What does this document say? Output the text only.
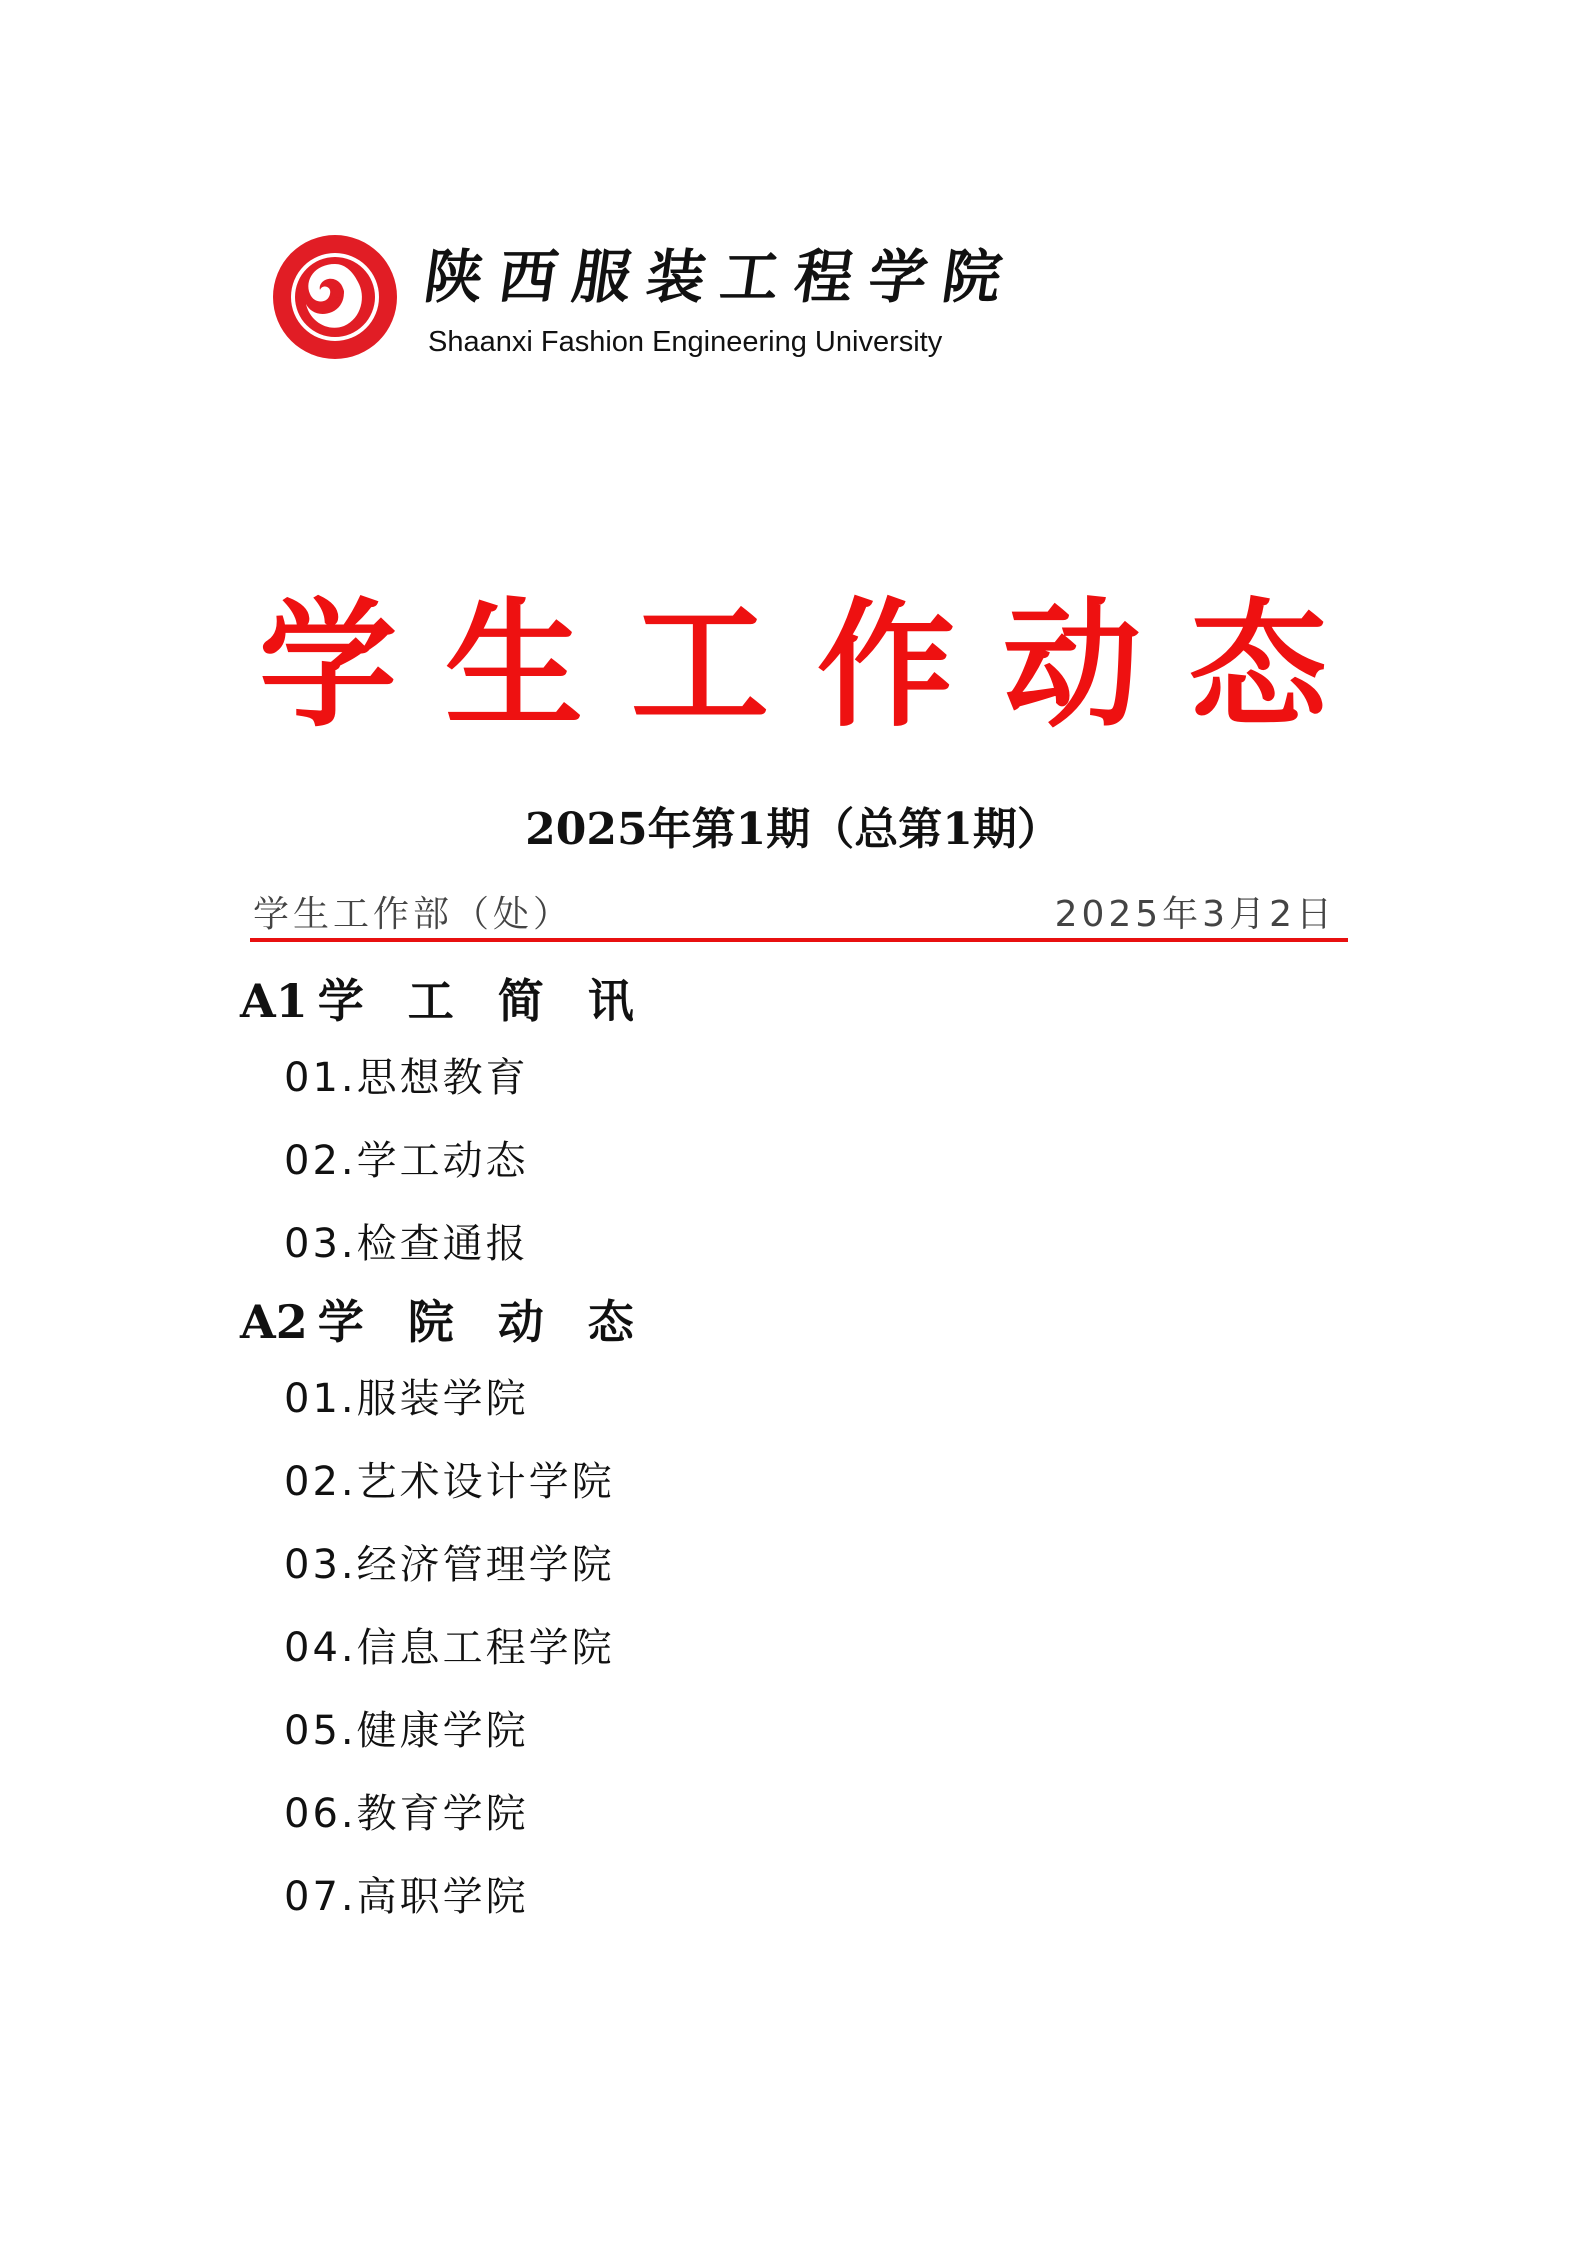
陕西服装工程学院
Shaanxi Fashion Engineering University
学生工作动态
2025年第1期（总第1期）
学生工作部（处）	2025年3月2日
A1 学 工 简 讯
01.思想教育
02.学工动态
03.检查通报
A2 学 院 动 态
01.服装学院
02.艺术设计学院
03.经济管理学院
04.信息工程学院
05.健康学院
06.教育学院
07.高职学院
